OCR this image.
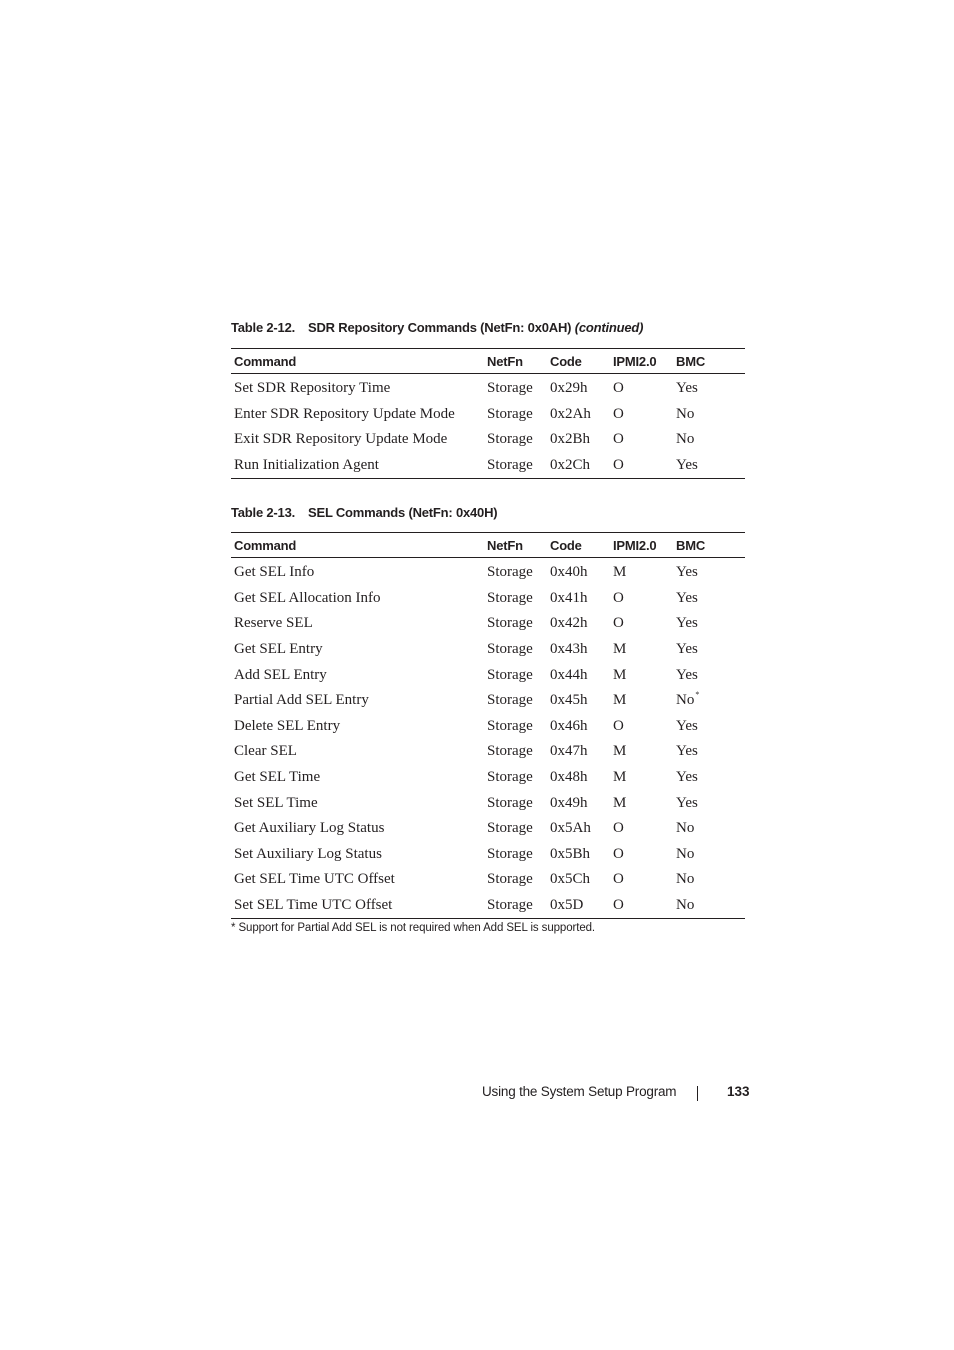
Table 2-12. SDR Repository Commands (NetFn: 0x0AH) (continued)
Command	NetFn	Code	IPMI2.0	BMC
Set SDR Repository Time	Storage	0x29h	O	Yes
Enter SDR Repository Update Mode	Storage	0x2Ah	O	No
Exit SDR Repository Update Mode	Storage	0x2Bh	O	No
Run Initialization Agent	Storage	0x2Ch	O	Yes
Table 2-13. SEL Commands (NetFn: 0x40H)
Command	NetFn	Code	IPMI2.0	BMC
Get SEL Info	Storage	0x40h	M	Yes
Get SEL Allocation Info	Storage	0x41h	O	Yes
Reserve SEL	Storage	0x42h	O	Yes
Get SEL Entry	Storage	0x43h	M	Yes
Add SEL Entry	Storage	0x44h	M	Yes
Partial Add SEL Entry	Storage	0x45h	M	No*
Delete SEL Entry	Storage	0x46h	O	Yes
Clear SEL	Storage	0x47h	M	Yes
Get SEL Time	Storage	0x48h	M	Yes
Set SEL Time	Storage	0x49h	M	Yes
Get Auxiliary Log Status	Storage	0x5Ah	O	No
Set Auxiliary Log Status	Storage	0x5Bh	O	No
Get SEL Time UTC Offset	Storage	0x5Ch	O	No
Set SEL Time UTC Offset	Storage	0x5D	O	No
* Support for Partial Add SEL is not required when Add SEL is supported.
Using the System Setup Program	133
